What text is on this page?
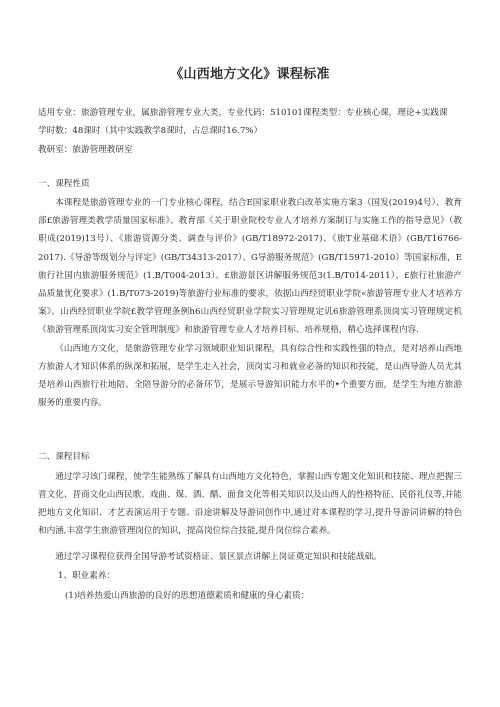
《山西地方文化》课程标准

适用专业：旅游管理专业，属旅游管理专业大类，专业代码：510101课程类型：专业核心课，理论+实践课

学时数：48课时（其中实践教学8课时，占总课时16.7%）

教研室：旅游管理教研室

一、课程性质

本课程是旅游管理专业的一门专业核心课程，结合E国家职业教白改革实施方案3（国发(2019)4号）、教育部£旅游管理类教学质量国家标准》、教育部《关于职业院校专业人才培养方案制订与实施工作的指导意见》（教职成(2019)13号）、《旅游资源分类、调查与评价》(GB/T18972-2017)、《旅T业基础术语》(GB/T16766-2017).《导游等级划分与评定》(GB/T34313-2017）、G导游服务规范》(GB/T15971-2010）等国家标准，E旅行社国内旅游服务规范》(1.B/T004-2013）、£旅游景区讲解服务规范3(1.B/T014-2011）、£旅行社旅游产品质量优化要求》(1.B/T073-2019)等旅游行业标准的要求，依据山西经贸职业学院«旅游管理专业人才培养方案》、山西经贸职业学院£教学管理条例h6山西经贸职业学院实习管理规定讥6旅游管理系顶岗实习管理规定机《旅游管理系顶岗实习安全管理制度》和旅游管理专业人才培养目标、培养规格，精心选择课程内容.

《山西地方文化，是旅游管理专业学习领域职业知识课程，具有综合性和实践性强的特点，是对培养山西地方旅游人才知识体系的纵深和拓展，是学生走入社会，顶岗实习和就业必备的知识和技能，是山西导游人员尤其是培养山西旅行社地陪、全陪导游分的必备环节，是展示导游知识能力水平的•个重要方面，是学生为地方旅游服务的重要内容。

二、课程目标

通过学习该门课程，使学生能熟练了解具有山西地方文化特色，掌握山西专题文化知识和技能、理点把握三晋文化、晋商文化山西民歌、戏曲、煤、酒、醋、面食文化等相关知识以及山西人的性格特征、民俗礼仪等,并能把地方文化知识、才艺表演运用于专题、沿途讲解及导游词创作中,通过对本课程的学习,提升导游词讲解的特色和内涵,丰富学生旅游管理岗位的知识，提高岗位综合技能,提升岗位综合素养。

通过学习课程位获得全国导游考试资格证、景区景点讲解上岗证奠定知识和技能战础。

1、职业素养：

(1)培养热爱山西旅游的良好的思想道德素质和健康的身心素质：
